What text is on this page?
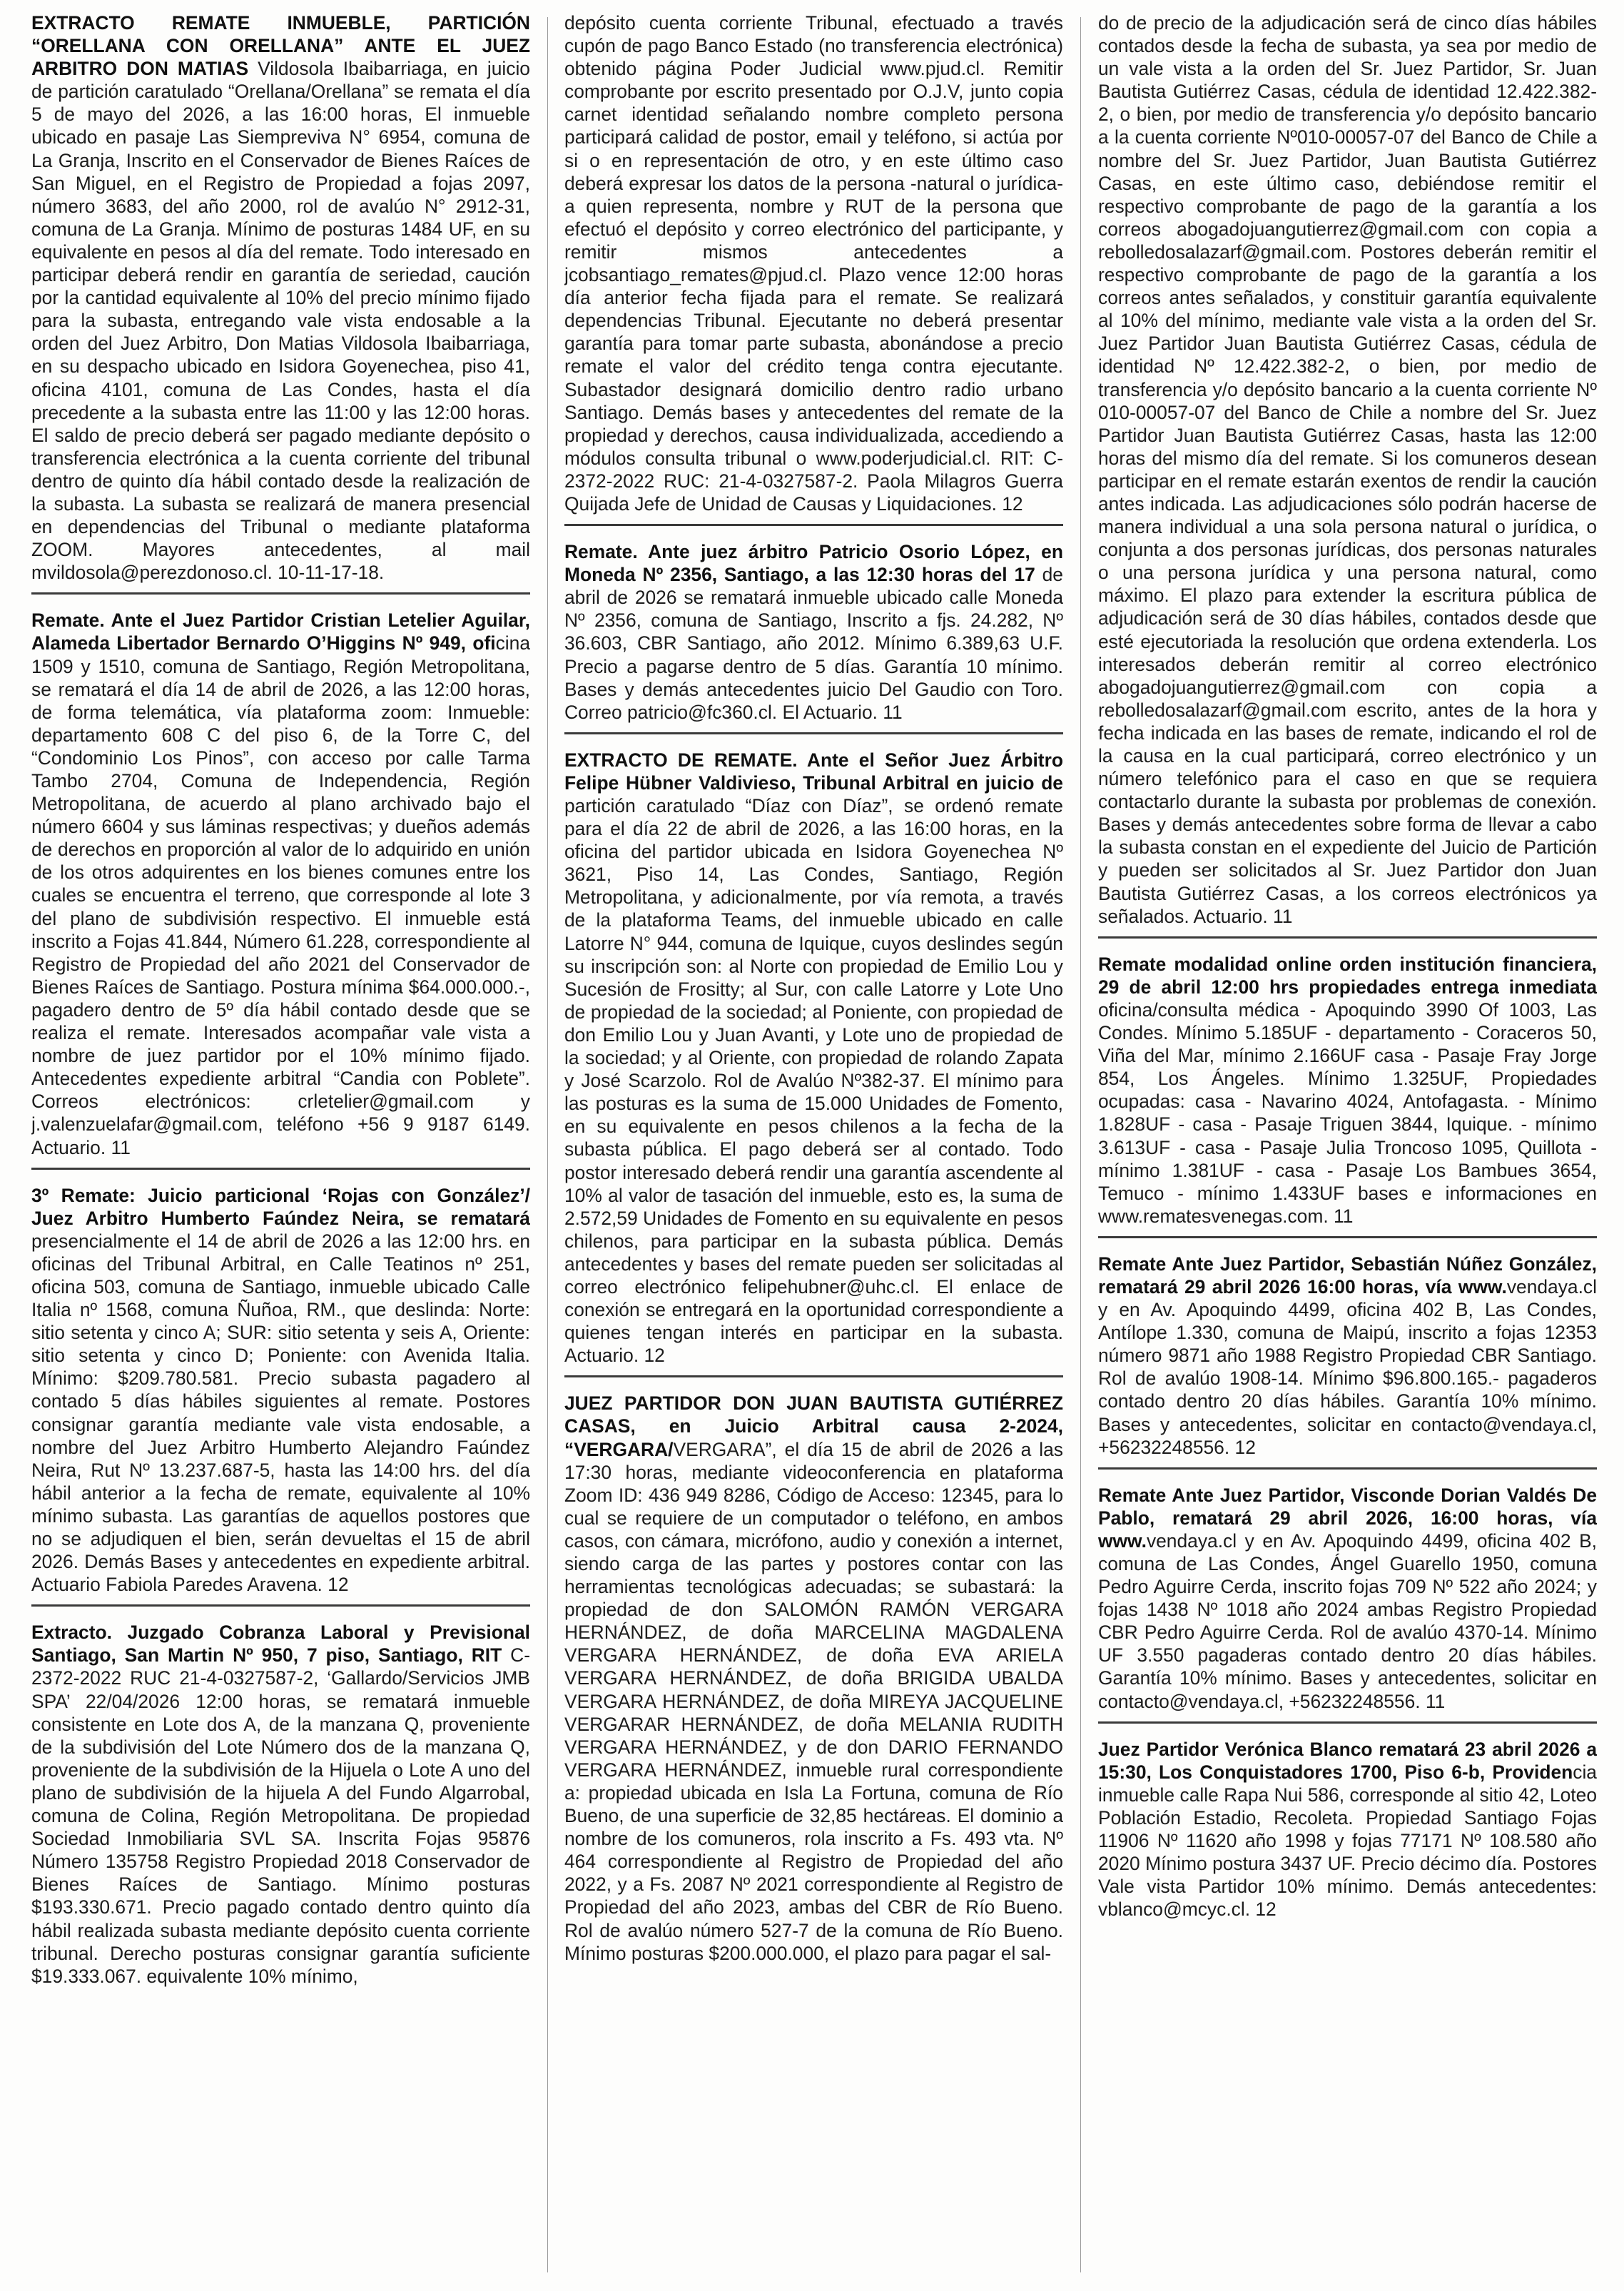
EXTRACTO REMATE INMUEBLE, PARTICIÓN “ORELLANA CON ORELLANA” ANTE EL JUEZ ARBITRO DON MATIAS Vildosola Ibaibarriaga, en juicio de partición caratulado “Orellana/Orellana” se remata el día 5 de mayo del 2026, a las 16:00 horas, El inmueble ubicado en pasaje Las Siempreviva N° 6954, comuna de La Granja, Inscrito en el Conservador de Bienes Raíces de San Miguel, en el Registro de Propiedad a fojas 2097, número 3683, del año 2000, rol de avalúo N° 2912-31, comuna de La Granja. Mínimo de posturas 1484 UF, en su equivalente en pesos al día del remate. Todo interesado en participar deberá rendir en garantía de seriedad, caución por la cantidad equivalente al 10% del precio mínimo fijado para la subasta, entregando vale vista endosable a la orden del Juez Arbitro, Don Matias Vildosola Ibaibarriaga, en su despacho ubicado en Isidora Goyenechea, piso 41, oficina 4101, comuna de Las Condes, hasta el día precedente a la subasta entre las 11:00 y las 12:00 horas. El saldo de precio deberá ser pagado mediante depósito o transferencia electrónica a la cuenta corriente del tribunal dentro de quinto día hábil contado desde la realización de la subasta. La subasta se realizará de manera presencial en dependencias del Tribunal o mediante plataforma ZOOM. Mayores antecedentes, al mail mvildosola@perezdonoso.cl. 10-11-17-18.

Remate. Ante el Juez Partidor Cristian Letelier Aguilar, Alameda Libertador Bernardo O’Higgins Nº 949, oficina 1509 y 1510, comuna de Santiago, Región Metropolitana, se rematará el día 14 de abril de 2026, a las 12:00 horas, de forma telemática, vía plataforma zoom: Inmueble: departamento 608 C del piso 6, de la Torre C, del “Condominio Los Pinos”, con acceso por calle Tarma Tambo 2704, Comuna de Independencia, Región Metropolitana, de acuerdo al plano archivado bajo el número 6604 y sus láminas respectivas; y dueños además de derechos en proporción al valor de lo adquirido en unión de los otros adquirentes en los bienes comunes entre los cuales se encuentra el terreno, que corresponde al lote 3 del plano de subdivisión respectivo. El inmueble está inscrito a Fojas 41.844, Número 61.228, correspondiente al Registro de Propiedad del año 2021 del Conservador de Bienes Raíces de Santiago. Postura mínima $64.000.000.-, pagadero dentro de 5º día hábil contado desde que se realiza el remate. Interesados acompañar vale vista a nombre de juez partidor por el 10% mínimo fijado. Antecedentes expediente arbitral “Candia con Poblete”. Correos electrónicos: crletelier@gmail.com y j.valenzuelafar@gmail.com, teléfono +56 9 9187 6149. Actuario. 11

3º Remate: Juicio particional ‘Rojas con González’/ Juez Arbitro Humberto Faúndez Neira, se rematará presencialmente el 14 de abril de 2026 a las 12:00 hrs. en oficinas del Tribunal Arbitral, en Calle Teatinos nº 251, oficina 503, comuna de Santiago, inmueble ubicado Calle Italia nº 1568, comuna Ñuñoa, RM., que deslinda: Norte: sitio setenta y cinco A; SUR: sitio setenta y seis A, Oriente: sitio setenta y cinco D; Poniente: con Avenida Italia. Mínimo: $209.780.581. Precio subasta pagadero al contado 5 días hábiles siguientes al remate. Postores consignar garantía mediante vale vista endosable, a nombre del Juez Arbitro Humberto Alejandro Faúndez Neira, Rut Nº 13.237.687-5, hasta las 14:00 hrs. del día hábil anterior a la fecha de remate, equivalente al 10% mínimo subasta. Las garantías de aquellos postores que no se adjudiquen el bien, serán devueltas el 15 de abril 2026. Demás Bases y antecedentes en expediente arbitral. Actuario Fabiola Paredes Aravena. 12

Extracto. Juzgado Cobranza Laboral y Previsional Santiago, San Martin Nº 950, 7 piso, Santiago, RIT C-2372-2022 RUC 21-4-0327587-2, ‘Gallardo/Servicios JMB SPA’ 22/04/2026 12:00 horas, se rematará inmueble consistente en Lote dos A, de la manzana Q, proveniente de la subdivisión del Lote Número dos de la manzana Q, proveniente de la subdivisión de la Hijuela o Lote A uno del plano de subdivisión de la hijuela A del Fundo Algarrobal, comuna de Colina, Región Metropolitana. De propiedad Sociedad Inmobiliaria SVL SA. Inscrita Fojas 95876 Número 135758 Registro Propiedad 2018 Conservador de Bienes Raíces de Santiago. Mínimo posturas $193.330.671. Precio pagado contado dentro quinto día hábil realizada subasta mediante depósito cuenta corriente tribunal. Derecho posturas consignar garantía suficiente $19.333.067. equivalente 10% mínimo,

depósito cuenta corriente Tribunal, efectuado a través cupón de pago Banco Estado (no transferencia electrónica) obtenido página Poder Judicial www.pjud.cl. Remitir comprobante por escrito presentado por O.J.V, junto copia carnet identidad señalando nombre completo persona participará calidad de postor, email y teléfono, si actúa por si o en representación de otro, y en este último caso deberá expresar los datos de la persona -natural o jurídica- a quien representa, nombre y RUT de la persona que efectuó el depósito y correo electrónico del participante, y remitir mismos antecedentes a jcobsantiago_remates@pjud.cl. Plazo vence 12:00 horas día anterior fecha fijada para el remate. Se realizará dependencias Tribunal. Ejecutante no deberá presentar garantía para tomar parte subasta, abonándose a precio remate el valor del crédito tenga contra ejecutante. Subastador designará domicilio dentro radio urbano Santiago. Demás bases y antecedentes del remate de la propiedad y derechos, causa individualizada, accediendo a módulos consulta tribunal o www.poderjudicial.cl. RIT: C-2372-2022 RUC: 21-4-0327587-2. Paola Milagros Guerra Quijada Jefe de Unidad de Causas y Liquidaciones. 12

Remate. Ante juez árbitro Patricio Osorio López, en Moneda Nº 2356, Santiago, a las 12:30 horas del 17 de abril de 2026 se rematará inmueble ubicado calle Moneda Nº 2356, comuna de Santiago, Inscrito a fjs. 24.282, Nº 36.603, CBR Santiago, año 2012. Mínimo 6.389,63 U.F. Precio a pagarse dentro de 5 días. Garantía 10 mínimo. Bases y demás antecedentes juicio Del Gaudio con Toro. Correo patricio@fc360.cl. El Actuario. 11

EXTRACTO DE REMATE. Ante el Señor Juez Árbitro Felipe Hübner Valdivieso, Tribunal Arbitral en juicio de partición caratulado “Díaz con Díaz”, se ordenó remate para el día 22 de abril de 2026, a las 16:00 horas, en la oficina del partidor ubicada en Isidora Goyenechea Nº 3621, Piso 14, Las Condes, Santiago, Región Metropolitana, y adicionalmente, por vía remota, a través de la plataforma Teams, del inmueble ubicado en calle Latorre N° 944, comuna de Iquique, cuyos deslindes según su inscripción son: al Norte con propiedad de Emilio Lou y Sucesión de Frositty; al Sur, con calle Latorre y Lote Uno de propiedad de la sociedad; al Poniente, con propiedad de don Emilio Lou y Juan Avanti, y Lote uno de propiedad de la sociedad; y al Oriente, con propiedad de rolando Zapata y José Scarzolo. Rol de Avalúo Nº382-37. El mínimo para las posturas es la suma de 15.000 Unidades de Fomento, en su equivalente en pesos chilenos a la fecha de la subasta pública. El pago deberá ser al contado. Todo postor interesado deberá rendir una garantía ascendente al 10% al valor de tasación del inmueble, esto es, la suma de 2.572,59 Unidades de Fomento en su equivalente en pesos chilenos, para participar en la subasta pública. Demás antecedentes y bases del remate pueden ser solicitadas al correo electrónico felipehubner@uhc.cl. El enlace de conexión se entregará en la oportunidad correspondiente a quienes tengan interés en participar en la subasta. Actuario. 12

JUEZ PARTIDOR DON JUAN BAUTISTA GUTIÉRREZ CASAS, en Juicio Arbitral causa 2-2024, “VERGARA/VERGARA”, el día 15 de abril de 2026 a las 17:30 horas, mediante videoconferencia en plataforma Zoom ID: 436 949 8286, Código de Acceso: 12345, para lo cual se requiere de un computador o teléfono, en ambos casos, con cámara, micrófono, audio y conexión a internet, siendo carga de las partes y postores contar con las herramientas tecnológicas adecuadas; se subastará: la propiedad de don SALOMÓN RAMÓN VERGARA HERNÁNDEZ, de doña MARCELINA MAGDALENA VERGARA HERNÁNDEZ, de doña EVA ARIELA VERGARA HERNÁNDEZ, de doña BRIGIDA UBALDA VERGARA HERNÁNDEZ, de doña MIREYA JACQUELINE VERGARAR HERNÁNDEZ, de doña MELANIA RUDITH VERGARA HERNÁNDEZ, y de don DARIO FERNANDO VERGARA HERNÁNDEZ, inmueble rural correspondiente a: propiedad ubicada en Isla La Fortuna, comuna de Río Bueno, de una superficie de 32,85 hectáreas. El dominio a nombre de los comuneros, rola inscrito a Fs. 493 vta. Nº 464 correspondiente al Registro de Propiedad del año 2022, y a Fs. 2087 Nº 2021 correspondiente al Registro de Propiedad del año 2023, ambas del CBR de Río Bueno. Rol de avalúo número 527-7 de la comuna de Río Bueno. Mínimo posturas $200.000.000, el plazo para pagar el sal-

do de precio de la adjudicación será de cinco días hábiles contados desde la fecha de subasta, ya sea por medio de un vale vista a la orden del Sr. Juez Partidor, Sr. Juan Bautista Gutiérrez Casas, cédula de identidad 12.422.382-2, o bien, por medio de transferencia y/o depósito bancario a la cuenta corriente Nº010-00057-07 del Banco de Chile a nombre del Sr. Juez Partidor, Juan Bautista Gutiérrez Casas, en este último caso, debiéndose remitir el respectivo comprobante de pago de la garantía a los correos abogadojuangutierrez@gmail.com con copia a rebolledosalazarf@gmail.com. Postores deberán remitir el respectivo comprobante de pago de la garantía a los correos antes señalados, y constituir garantía equivalente al 10% del mínimo, mediante vale vista a la orden del Sr. Juez Partidor Juan Bautista Gutiérrez Casas, cédula de identidad Nº 12.422.382-2, o bien, por medio de transferencia y/o depósito bancario a la cuenta corriente Nº 010-00057-07 del Banco de Chile a nombre del Sr. Juez Partidor Juan Bautista Gutiérrez Casas, hasta las 12:00 horas del mismo día del remate. Si los comuneros desean participar en el remate estarán exentos de rendir la caución antes indicada. Las adjudicaciones sólo podrán hacerse de manera individual a una sola persona natural o jurídica, o conjunta a dos personas jurídicas, dos personas naturales o una persona jurídica y una persona natural, como máximo. El plazo para extender la escritura pública de adjudicación será de 30 días hábiles, contados desde que esté ejecutoriada la resolución que ordena extenderla. Los interesados deberán remitir al correo electrónico abogadojuangutierrez@gmail.com con copia a rebolledosalazarf@gmail.com escrito, antes de la hora y fecha indicada en las bases de remate, indicando el rol de la causa en la cual participará, correo electrónico y un número telefónico para el caso en que se requiera contactarlo durante la subasta por problemas de conexión. Bases y demás antecedentes sobre forma de llevar a cabo la subasta constan en el expediente del Juicio de Partición y pueden ser solicitados al Sr. Juez Partidor don Juan Bautista Gutiérrez Casas, a los correos electrónicos ya señalados. Actuario. 11

Remate modalidad online orden institución financiera, 29 de abril 12:00 hrs propiedades entrega inmediata oficina/consulta médica - Apoquindo 3990 Of 1003, Las Condes. Mínimo 5.185UF - departamento - Coraceros 50, Viña del Mar, mínimo 2.166UF casa - Pasaje Fray Jorge 854, Los Ángeles. Mínimo 1.325UF, Propiedades ocupadas: casa - Navarino 4024, Antofagasta. - Mínimo 1.828UF - casa - Pasaje Triguen 3844, Iquique. - mínimo 3.613UF - casa - Pasaje Julia Troncoso 1095, Quillota - mínimo 1.381UF - casa - Pasaje Los Bambues 3654, Temuco - mínimo 1.433UF bases e informaciones en www.rematesvenegas.com. 11

Remate Ante Juez Partidor, Sebastián Núñez González, rematará 29 abril 2026 16:00 horas, vía www.vendaya.cl y en Av. Apoquindo 4499, oficina 402 B, Las Condes, Antílope 1.330, comuna de Maipú, inscrito a fojas 12353 número 9871 año 1988 Registro Propiedad CBR Santiago. Rol de avalúo 1908-14. Mínimo $96.800.165.- pagaderos contado dentro 20 días hábiles. Garantía 10% mínimo. Bases y antecedentes, solicitar en contacto@vendaya.cl, +56232248556. 12

Remate Ante Juez Partidor, Visconde Dorian Valdés De Pablo, rematará 29 abril 2026, 16:00 horas, vía www.vendaya.cl y en Av. Apoquindo 4499, oficina 402 B, comuna de Las Condes, Ángel Guarello 1950, comuna Pedro Aguirre Cerda, inscrito fojas 709 Nº 522 año 2024; y fojas 1438 Nº 1018 año 2024 ambas Registro Propiedad CBR Pedro Aguirre Cerda. Rol de avalúo 4370-14. Mínimo UF 3.550 pagaderas contado dentro 20 días hábiles. Garantía 10% mínimo. Bases y antecedentes, solicitar en contacto@vendaya.cl, +56232248556. 11

Juez Partidor Verónica Blanco rematará 23 abril 2026 a 15:30, Los Conquistadores 1700, Piso 6-b, Providencia inmueble calle Rapa Nui 586, corresponde al sitio 42, Loteo Población Estadio, Recoleta. Propiedad Santiago Fojas 11906 Nº 11620 año 1998 y fojas 77171 Nº 108.580 año 2020 Mínimo postura 3437 UF. Precio décimo día. Postores Vale vista Partidor 10% mínimo. Demás antecedentes: vblanco@mcyc.cl. 12
